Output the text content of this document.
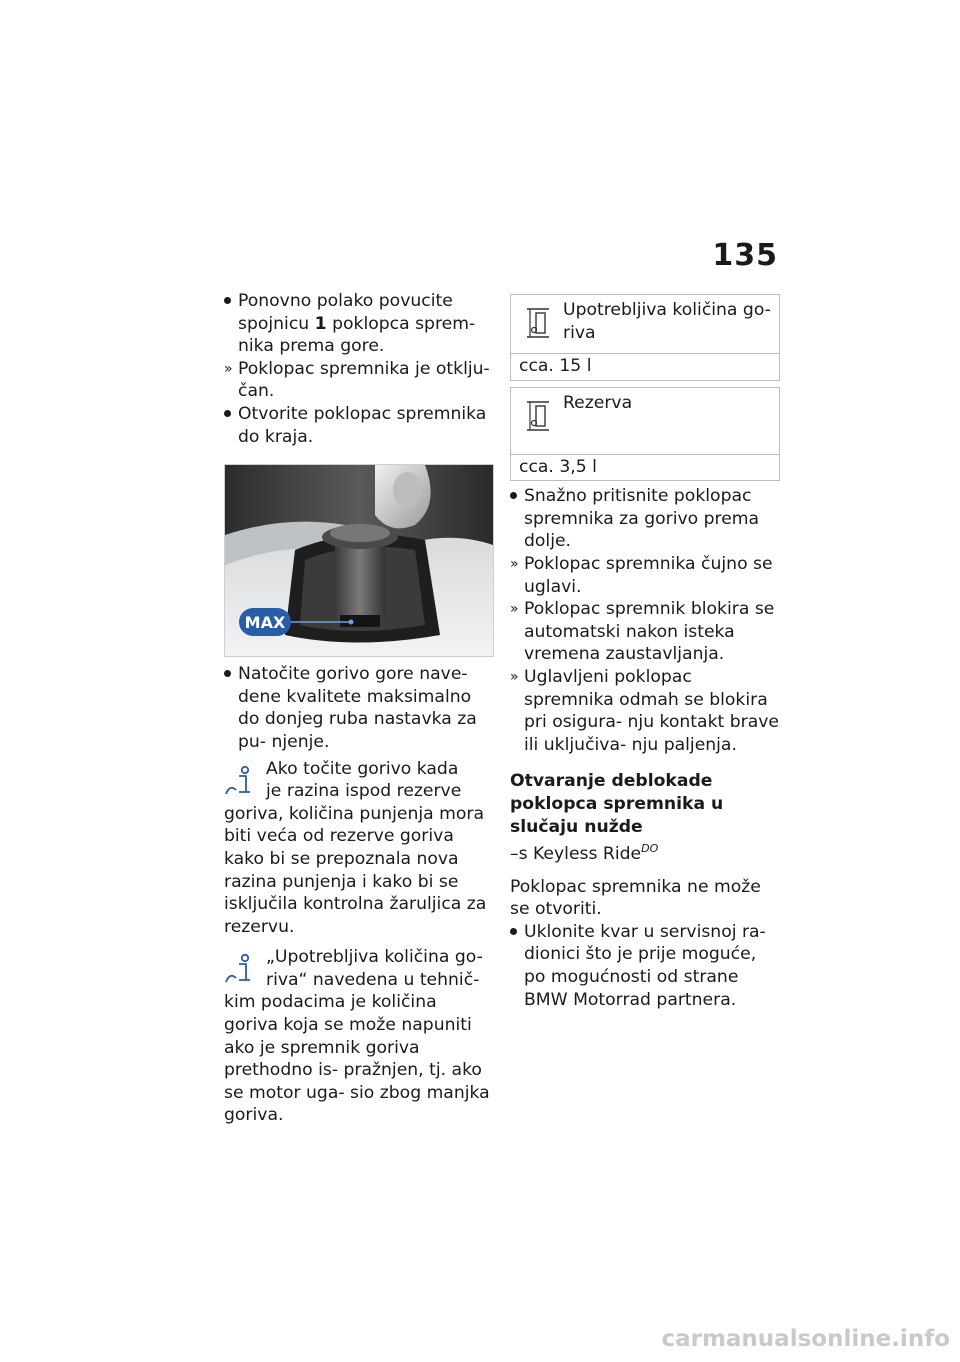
135
Ponovno polako povucite spojnicu 1 poklopca sprem- nika prema gore.
» Poklopac spremnika je otklju- čan.
Otvorite poklopac spremnika do kraja.
MAX
Natočite gorivo gore nave- dene kvalitete maksimalno do donjeg ruba nastavka za pu- njenje.
Ako točite gorivo kada
je razina ispod rezerve
goriva, količina punjenja mora biti veća od rezerve goriva kako bi se prepoznala nova razina punjenja i kako bi se isključila kontrolna žaruljica za rezervu.
„Upotrebljiva količina go-
riva“ navedena u tehnič-
kim podacima je količina goriva koja se može napuniti ako je spremnik goriva prethodno is- pražnjen, tj. ako se motor uga- sio zbog manjka goriva.
Upotrebljiva količina go- riva
cca. 15 l
Rezerva
cca. 3,5 l
Snažno pritisnite poklopac spremnika za gorivo prema dolje.
» Poklopac spremnika čujno se uglavi.
» Poklopac spremnik blokira se automatski nakon isteka vremena zaustavljanja.
» Uglavljeni poklopac spremnika odmah se blokira pri osigura- nju kontakt brave ili uključiva- nju paljenja.
Otvaranje deblokade poklopca spremnika u slučaju nužde
–s Keyless Ride$^{DO}$
Poklopac spremnika ne može se otvoriti.
Uklonite kvar u servisnoj ra- dionici što je prije moguće, po mogućnosti od strane BMW Motorrad partnera.
carmanualsonline.info
